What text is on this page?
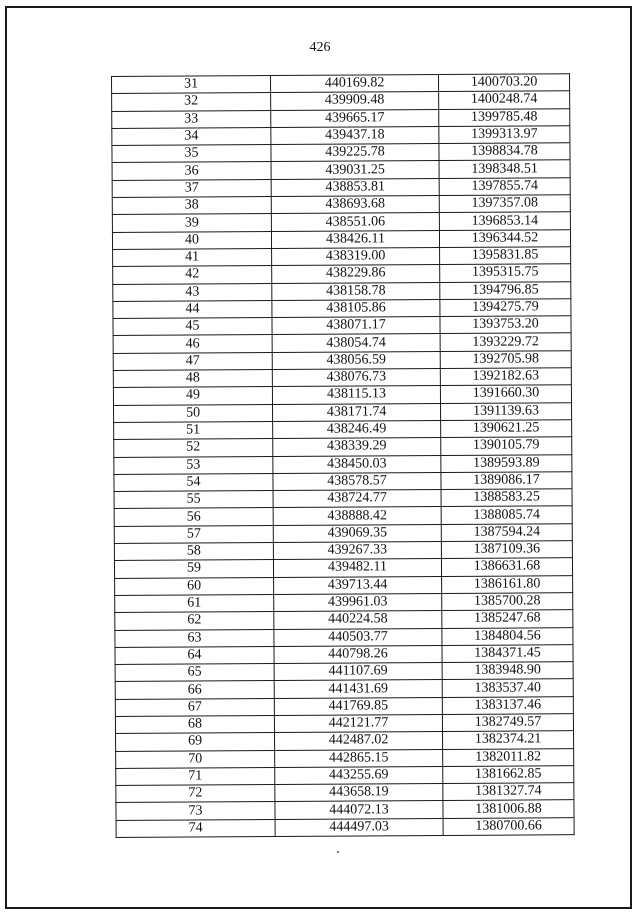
426
31	440169.82	1400703.20
32	439909.48	1400248.74
33	439665.17	1399785.48
34	439437.18	1399313.97
35	439225.78	1398834.78
36	439031.25	1398348.51
37	438853.81	1397855.74
38	438693.68	1397357.08
39	438551.06	1396853.14
40	438426.11	1396344.52
41	438319.00	1395831.85
42	438229.86	1395315.75
43	438158.78	1394796.85
44	438105.86	1394275.79
45	438071.17	1393753.20
46	438054.74	1393229.72
47	438056.59	1392705.98
48	438076.73	1392182.63
49	438115.13	1391660.30
50	438171.74	1391139.63
51	438246.49	1390621.25
52	438339.29	1390105.79
53	438450.03	1389593.89
54	438578.57	1389086.17
55	438724.77	1388583.25
56	438888.42	1388085.74
57	439069.35	1387594.24
58	439267.33	1387109.36
59	439482.11	1386631.68
60	439713.44	1386161.80
61	439961.03	1385700.28
62	440224.58	1385247.68
63	440503.77	1384804.56
64	440798.26	1384371.45
65	441107.69	1383948.90
66	441431.69	1383537.40
67	441769.85	1383137.46
68	442121.77	1382749.57
69	442487.02	1382374.21
70	442865.15	1382011.82
71	443255.69	1381662.85
72	443658.19	1381327.74
73	444072.13	1381006.88
74	444497.03	1380700.66
